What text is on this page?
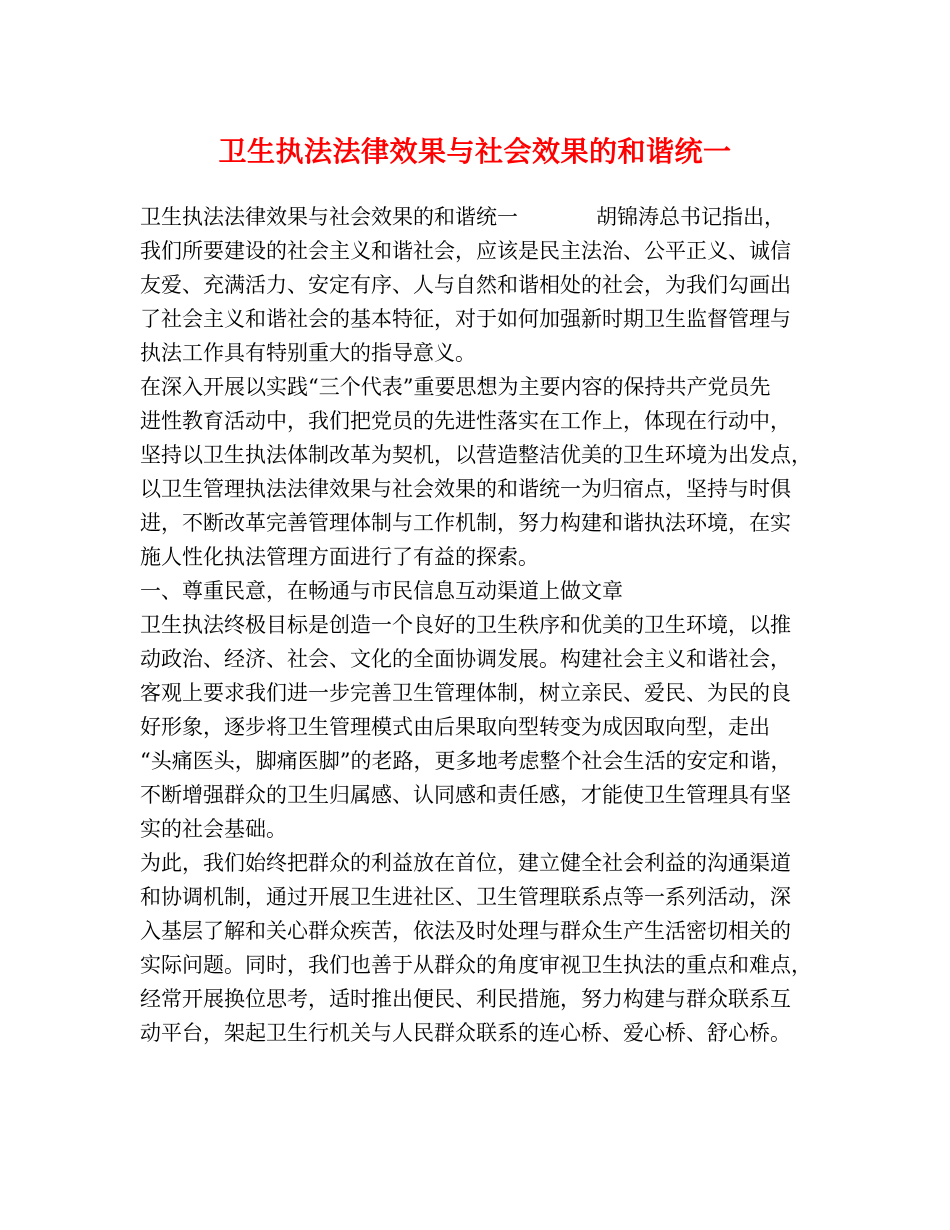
卫生执法法律效果与社会效果的和谐统一
卫生执法法律效果与社会效果的和谐统一	胡锦涛总书记指出，
我们所要建设的社会主义和谐社会，应该是民主法治、公平正义、诚信
友爱、充满活力、安定有序、人与自然和谐相处的社会，为我们勾画出
了社会主义和谐社会的基本特征，对于如何加强新时期卫生监督管理与
执法工作具有特别重大的指导意义。
在深入开展以实践“三个代表”重要思想为主要内容的保持共产党员先
进性教育活动中，我们把党员的先进性落实在工作上，体现在行动中，
坚持以卫生执法体制改革为契机，以营造整洁优美的卫生环境为出发点，
以卫生管理执法法律效果与社会效果的和谐统一为归宿点，坚持与时俱
进，不断改革完善管理体制与工作机制，努力构建和谐执法环境，在实
施人性化执法管理方面进行了有益的探索。
一、尊重民意，在畅通与市民信息互动渠道上做文章
卫生执法终极目标是创造一个良好的卫生秩序和优美的卫生环境，以推
动政治、经济、社会、文化的全面协调发展。构建社会主义和谐社会，
客观上要求我们进一步完善卫生管理体制，树立亲民、爱民、为民的良
好形象，逐步将卫生管理模式由后果取向型转变为成因取向型，走出
“头痛医头，脚痛医脚”的老路，更多地考虑整个社会生活的安定和谐，
不断增强群众的卫生归属感、认同感和责任感，才能使卫生管理具有坚
实的社会基础。
为此，我们始终把群众的利益放在首位，建立健全社会利益的沟通渠道
和协调机制，通过开展卫生进社区、卫生管理联系点等一系列活动，深
入基层了解和关心群众疾苦，依法及时处理与群众生产生活密切相关的
实际问题。同时，我们也善于从群众的角度审视卫生执法的重点和难点，
经常开展换位思考，适时推出便民、利民措施，努力构建与群众联系互
动平台，架起卫生行机关与人民群众联系的连心桥、爱心桥、舒心桥。
